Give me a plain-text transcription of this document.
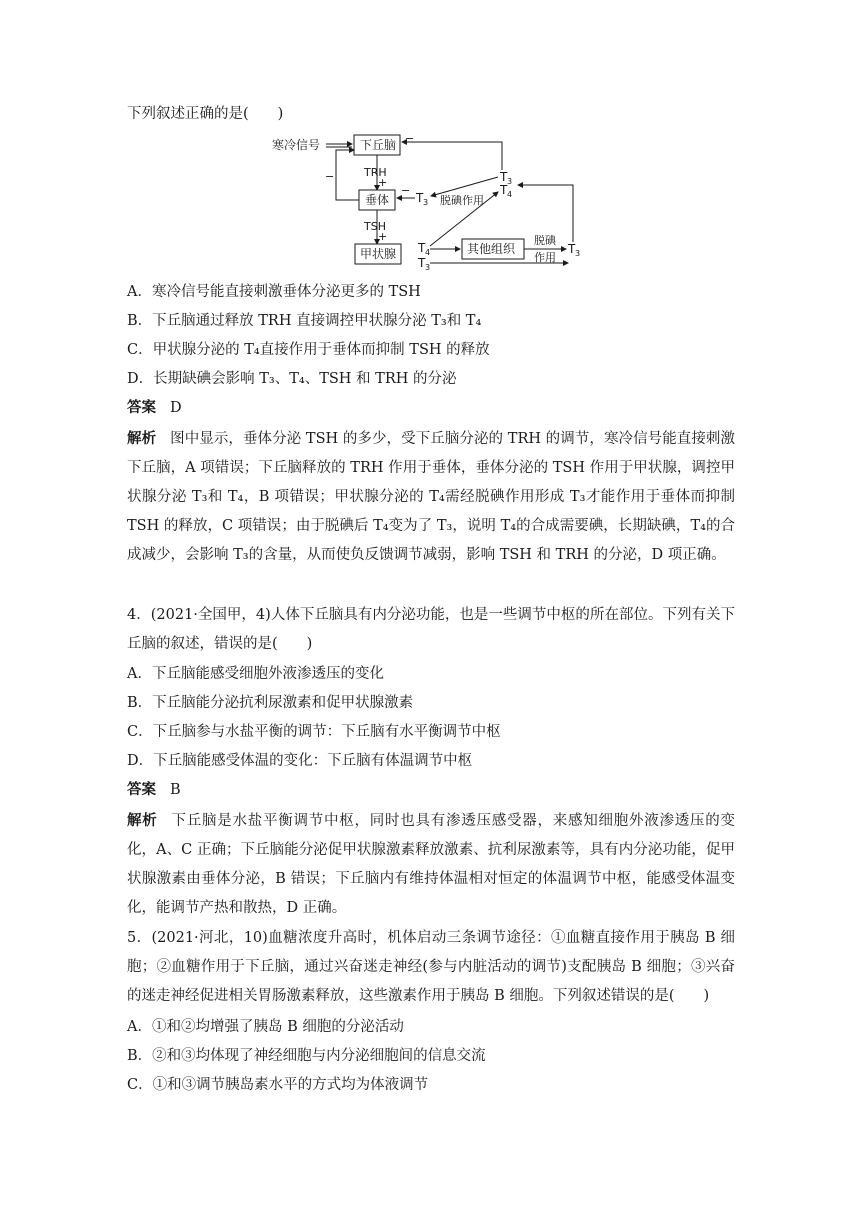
下列叙述正确的是(　　)
寒冷信号	下丘脑
TRH
+
垂体
TSH
+
甲状腺
−
T 4
T 3
其他组织
脱碘
作用
T 3
T 3
T 4
−
T 3
−
脱碘作用
A．寒冷信号能直接刺激垂体分泌更多的 TSH
B．下丘脑通过释放 TRH 直接调控甲状腺分泌 T₃和 T₄
C．甲状腺分泌的 T₄直接作用于垂体而抑制 TSH 的释放
D．长期缺碘会影响 T₃、T₄、TSH 和 TRH 的分泌
答案 D
解析 图中显示，垂体分泌 TSH 的多少，受下丘脑分泌的 TRH 的调节，寒冷信号能直接刺激下丘脑，A 项错误；下丘脑释放的 TRH 作用于垂体，垂体分泌的 TSH 作用于甲状腺，调控甲状腺分泌 T₃和 T₄，B 项错误；甲状腺分泌的 T₄需经脱碘作用形成 T₃才能作用于垂体而抑制 TSH 的释放，C 项错误；由于脱碘后 T₄变为了 T₃，说明 T₄的合成需要碘，长期缺碘，T₄的合成减少，会影响 T₃的含量，从而使负反馈调节减弱，影响 TSH 和 TRH 的分泌，D 项正确。
4．(2021·全国甲，4)人体下丘脑具有内分泌功能，也是一些调节中枢的所在部位。下列有关下丘脑的叙述，错误的是(　　)
A．下丘脑能感受细胞外液渗透压的变化
B．下丘脑能分泌抗利尿激素和促甲状腺激素
C．下丘脑参与水盐平衡的调节：下丘脑有水平衡调节中枢
D．下丘脑能感受体温的变化：下丘脑有体温调节中枢
答案 B
解析 下丘脑是水盐平衡调节中枢，同时也具有渗透压感受器，来感知细胞外液渗透压的变化，A、C 正确；下丘脑能分泌促甲状腺激素释放激素、抗利尿激素等，具有内分泌功能，促甲状腺激素由垂体分泌，B 错误；下丘脑内有维持体温相对恒定的体温调节中枢，能感受体温变化，能调节产热和散热，D 正确。
5．(2021·河北，10)血糖浓度升高时，机体启动三条调节途径：①血糖直接作用于胰岛 B 细胞；②血糖作用于下丘脑，通过兴奋迷走神经(参与内脏活动的调节)支配胰岛 B 细胞；③兴奋的迷走神经促进相关胃肠激素释放，这些激素作用于胰岛 B 细胞。下列叙述错误的是(　　)
A．①和②均增强了胰岛 B 细胞的分泌活动
B．②和③均体现了神经细胞与内分泌细胞间的信息交流
C．①和③调节胰岛素水平的方式均为体液调节
